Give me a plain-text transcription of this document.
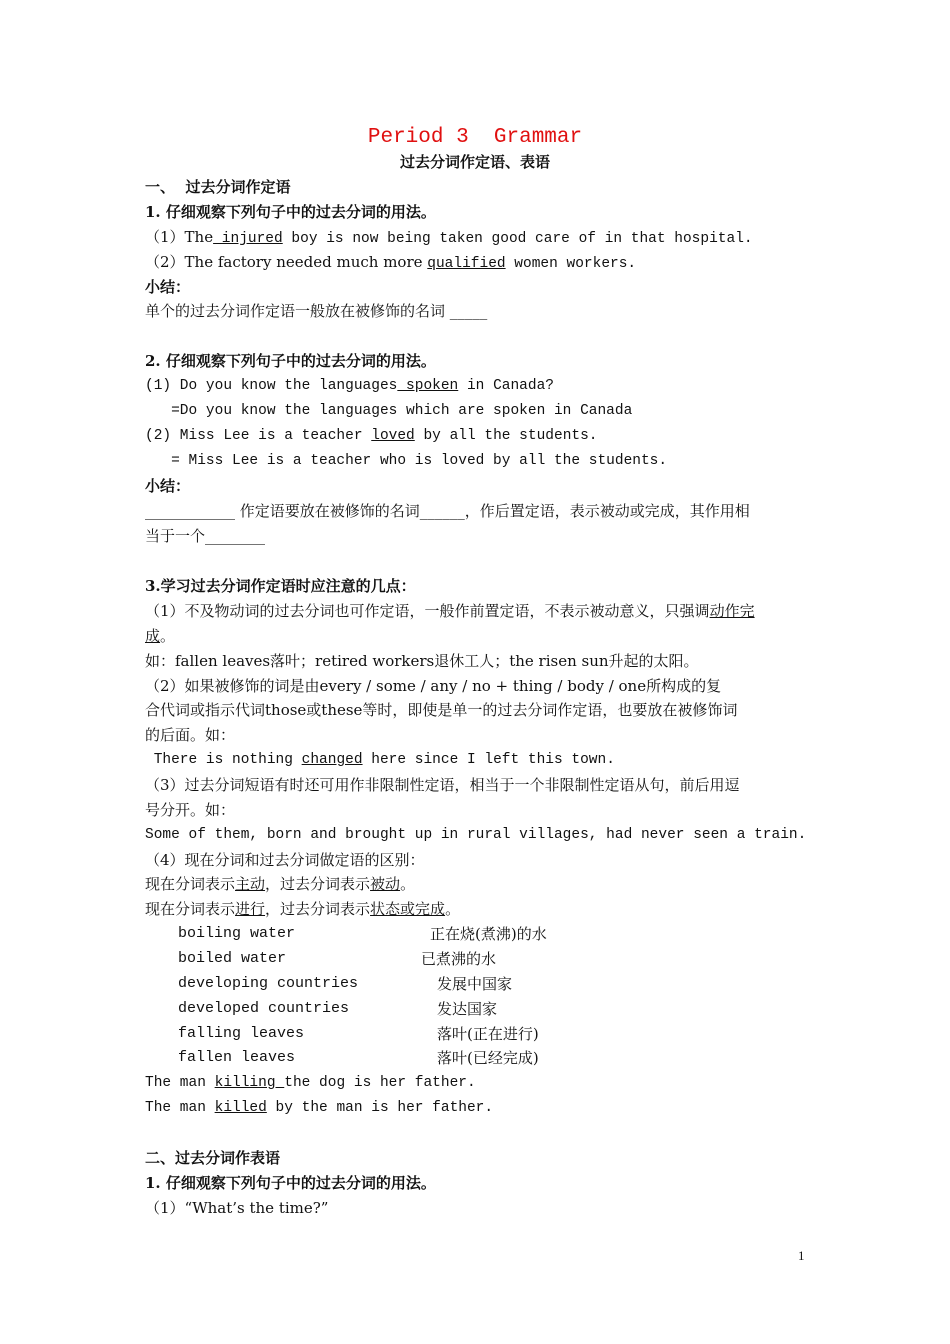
Period 3  Grammar
过去分词作定语、表语
一、  过去分词作定语
1. 仔细观察下列句子中的过去分词的用法。
（1）The injured boy is now being taken good care of in that hospital.
（2）The factory needed much more qualified women workers.
小结：
单个的过去分词作定语一般放在被修饰的名词 _____
2. 仔细观察下列句子中的过去分词的用法。
(1) Do you know the languages spoken in Canada?
=Do you know the languages which are spoken in Canada
(2) Miss Lee is a teacher loved by all the students.
= Miss Lee is a teacher who is loved by all the students.
小结：
____________ 作定语要放在被修饰的名词______，作后置定语，表示被动或完成，其作用相
当于一个________
3.学习过去分词作定语时应注意的几点：
（1）不及物动词的过去分词也可作定语，一般作前置定语，不表示被动意义，只强调动作完
成。
如：fallen leaves落叶；retired workers退休工人；the risen sun升起的太阳。
（2）如果被修饰的词是由every / some / any / no + thing / body / one所构成的复
合代词或指示代词those或these等时，即使是单一的过去分词作定语，也要放在被修饰词
的后面。如：
There is nothing changed here since I left this town.
（3）过去分词短语有时还可用作非限制性定语，相当于一个非限制性定语从句，前后用逗
号分开。如：
Some of them, born and brought up in rural villages, had never seen a train.
（4）现在分词和过去分词做定语的区别：
现在分词表示主动，过去分词表示被动。
现在分词表示进行，过去分词表示状态或完成。
boiling water	正在烧(煮沸)的水
boiled water	已煮沸的水
developing countries	发展中国家
developed countries	发达国家
falling leaves	落叶(正在进行)
fallen leaves	落叶(已经完成)
The man killing the dog is her father.
The man killed by the man is her father.
二、过去分词作表语
1. 仔细观察下列句子中的过去分词的用法。
（1）“What’s the time?”
1
